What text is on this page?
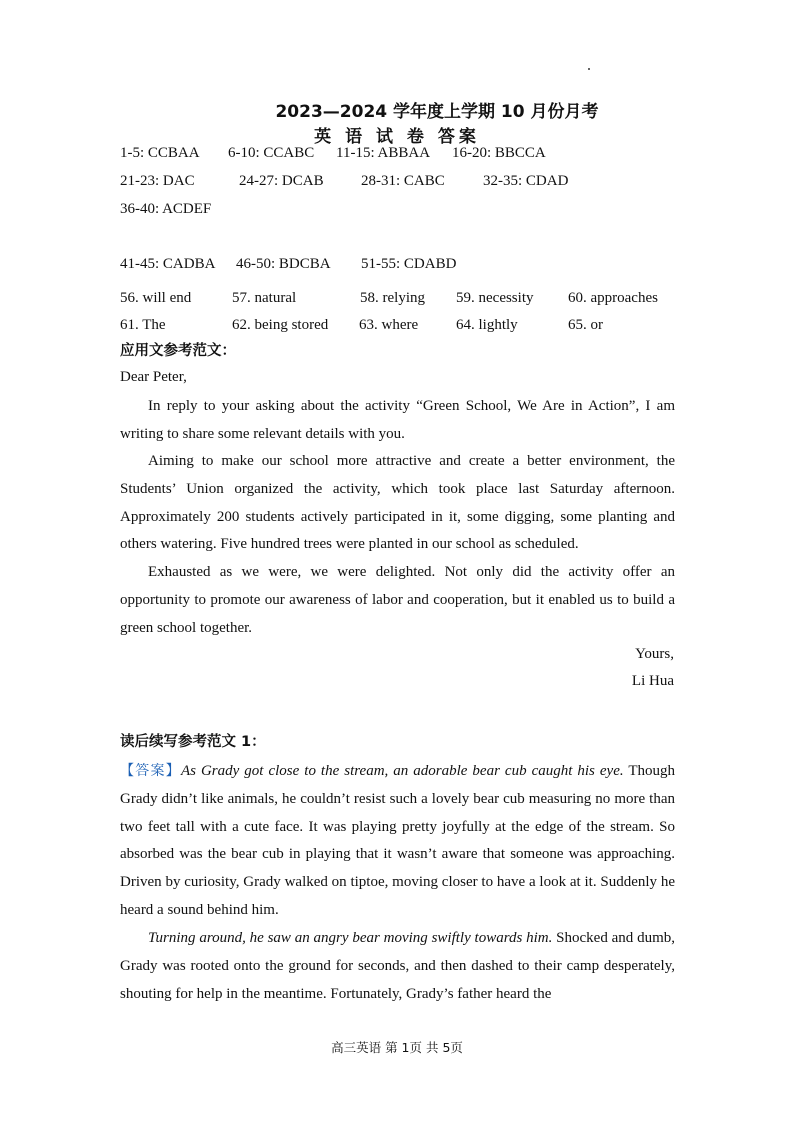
2023—2024 学年度上学期 10 月份月考
英 语 试 卷 答案
1-5: CCBAA 6-10: CCABC 11-15: ABBAA 16-20: BBCCA
21-23: DAC	24-27: DCAB 28-31: CABC	32-35: CDAD
36-40: ACDEF
41-45: CADBA 46-50: BDCBA 51-55: CDABD
56. will end	57. natural	58. relying 59. necessity 60. approaches
61. The	62. being stored 63. where	64. lightly	65. or
应用文参考范文：
Dear Peter,
In reply to your asking about the activity “Green School, We Are in Action”, I am writing to share some relevant details with you.
Aiming to make our school more attractive and create a better environment, the Students’ Union organized the activity, which took place last Saturday afternoon. Approximately 200 students actively participated in it, some digging, some planting and others watering. Five hundred trees were planted in our school as scheduled.
Exhausted as we were, we were delighted. Not only did the activity offer an opportunity to promote our awareness of labor and cooperation, but it enabled us to build a green school together.
Yours,
Li Hua
读后续写参考范文 1：
【答案】As Grady got close to the stream, an adorable bear cub caught his eye. Though Grady didn’t like animals, he couldn’t resist such a lovely bear cub measuring no more than two feet tall with a cute face. It was playing pretty joyfully at the edge of the stream. So absorbed was the bear cub in playing that it wasn’t aware that someone was approaching. Driven by curiosity, Grady walked on tiptoe, moving closer to have a look at it. Suddenly he heard a sound behind him.
Turning around, he saw an angry bear moving swiftly towards him. Shocked and dumb, Grady was rooted onto the ground for seconds, and then dashed to their camp desperately, shouting for help in the meantime. Fortunately, Grady’s father heard the
高三英语 第 1页 共 5页
